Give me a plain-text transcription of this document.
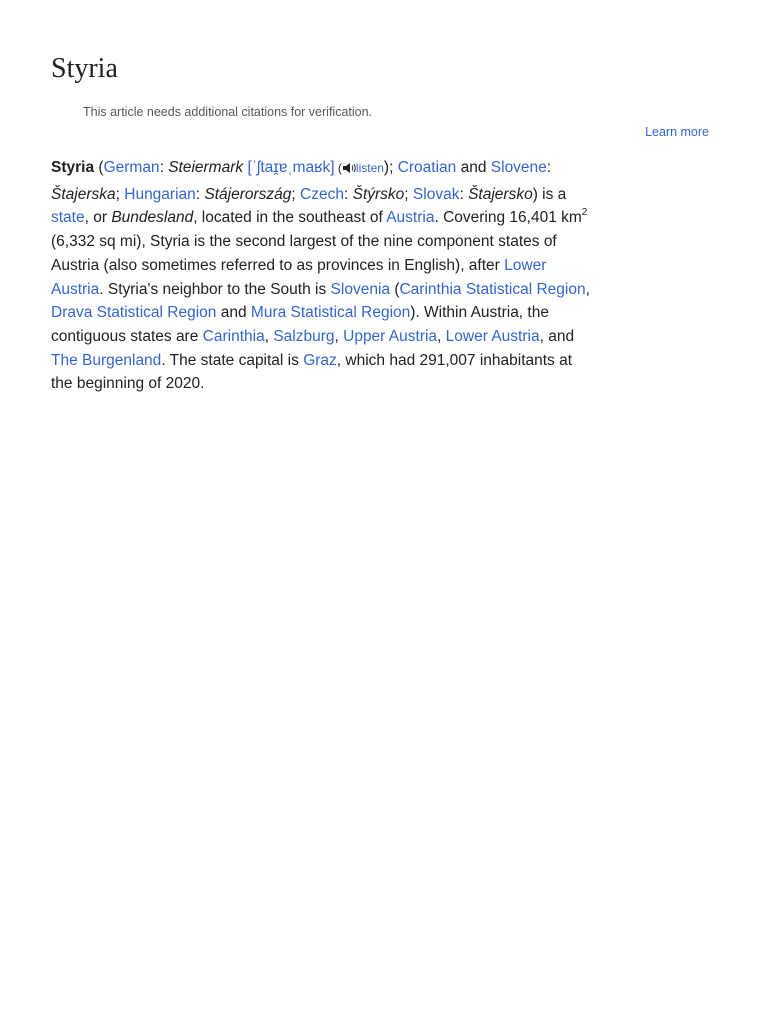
Styria
This article needs additional citations for verification.
Learn more

Styria (German: Steiermark [ˈʃtaɪ̯ɐˌmaʁk] ( listen); Croatian and Slovene: Štajerska; Hungarian: Stájerország; Czech: Štýrsko; Slovak: Štajersko) is a state, or Bundesland, located in the southeast of Austria. Covering 16,401 $km^2$ (6,332 sq mi), Styria is the second largest of the nine component states of Austria (also sometimes referred to as provinces in English), after Lower Austria. Styria's neighbor to the South is Slovenia (Carinthia Statistical Region, Drava Statistical Region and Mura Statistical Region). Within Austria, the contiguous states are Carinthia, Salzburg, Upper Austria, Lower Austria, and The Burgenland. The state capital is Graz, which had 291,007 inhabitants at the beginning of 2020.
